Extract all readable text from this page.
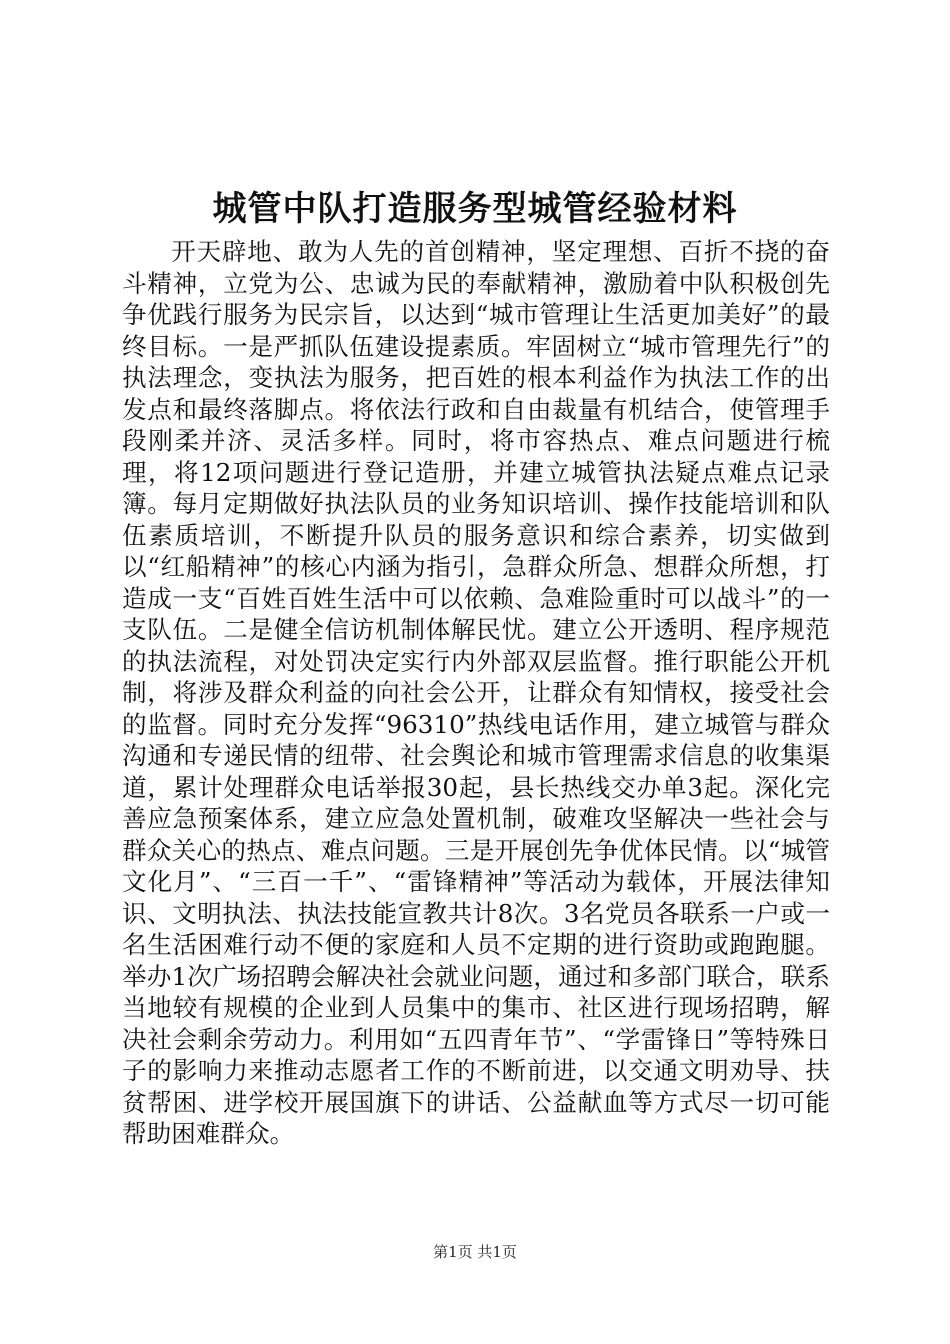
城管中队打造服务型城管经验材料

开天辟地、敢为人先的首创精神，坚定理想、百折不挠的奋斗精神，立党为公、忠诚为民的奉献精神，激励着中队积极创先争优践行服务为民宗旨，以达到“城市管理让生活更加美好”的最终目标。一是严抓队伍建设提素质。牢固树立“城市管理先行”的执法理念，变执法为服务，把百姓的根本利益作为执法工作的出发点和最终落脚点。将依法行政和自由裁量有机结合，使管理手段刚柔并济、灵活多样。同时，将市容热点、难点问题进行梳理，将12项问题进行登记造册，并建立城管执法疑点难点记录簿。每月定期做好执法队员的业务知识培训、操作技能培训和队伍素质培训，不断提升队员的服务意识和综合素养，切实做到以“红船精神”的核心内涵为指引，急群众所急、想群众所想，打造成一支“百姓百姓生活中可以依赖、急难险重时可以战斗”的一支队伍。二是健全信访机制体解民忧。建立公开透明、程序规范的执法流程，对处罚决定实行内外部双层监督。推行职能公开机制，将涉及群众利益的向社会公开，让群众有知情权，接受社会的监督。同时充分发挥“96310”热线电话作用，建立城管与群众沟通和专递民情的纽带、社会舆论和城市管理需求信息的收集渠道，累计处理群众电话举报30起，县长热线交办单3起。深化完善应急预案体系，建立应急处置机制，破难攻坚解决一些社会与群众关心的热点、难点问题。三是开展创先争优体民情。以“城管文化月”、“三百一千”、“雷锋精神”等活动为载体，开展法律知识、文明执法、执法技能宣教共计8次。3名党员各联系一户或一名生活困难行动不便的家庭和人员不定期的进行资助或跑跑腿。举办1次广场招聘会解决社会就业问题，通过和多部门联合，联系当地较有规模的企业到人员集中的集市、社区进行现场招聘，解决社会剩余劳动力。利用如“五四青年节”、“学雷锋日”等特殊日子的影响力来推动志愿者工作的不断前进，以交通文明劝导、扶贫帮困、进学校开展国旗下的讲话、公益献血等方式尽一切可能帮助困难群众。

第1页 共1页
